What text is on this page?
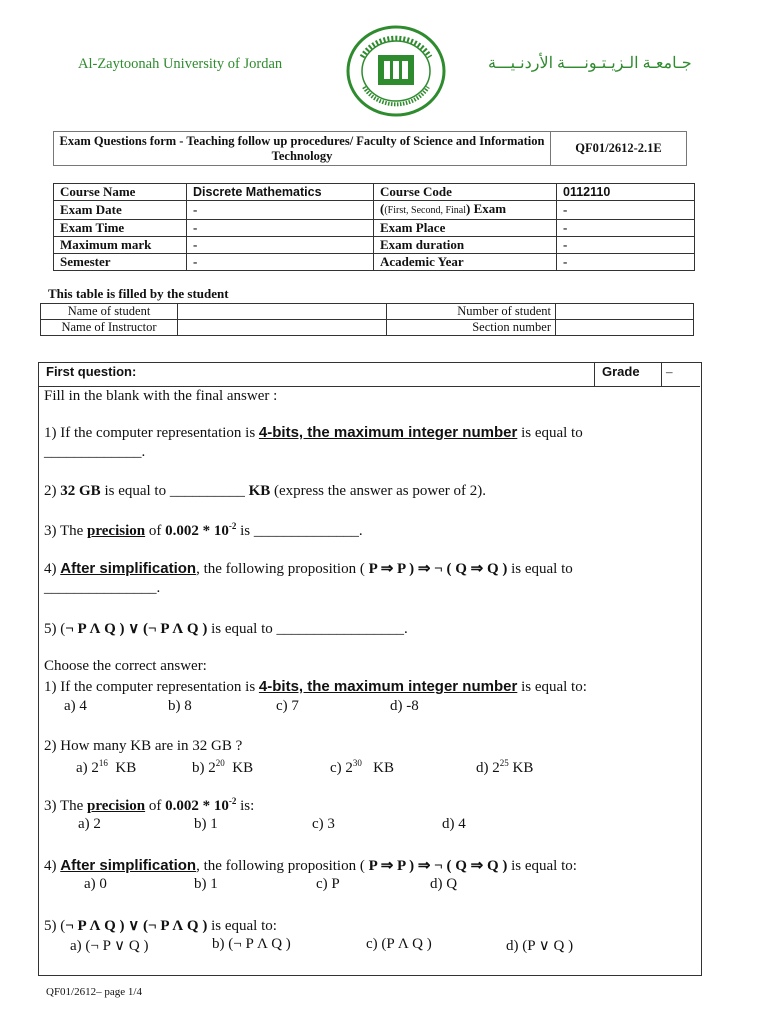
Al-Zaytoonah University of Jordan	جـامعـة الـزيـتـونــــة الأردنـيـــة
Exam Questions form - Teaching follow up procedures/ Faculty of Science and Information Technology	QF01/2612-2.1E
Course Name	Discrete Mathematics	Course Code	0112110
Exam Date	-	((First, Second, Final) Exam	-
Exam Time	-	Exam Place	-
Maximum mark	-	Exam duration	-
Semester	-	Academic Year	-
This table is filled by the student
Name of student		Number of student	
Name of Instructor		Section number	
First question:	Grade –
Fill in the blank with the final answer :
1) If the computer representation is 4-bits, the maximum integer number is equal to
_____________.
2) 32 GB is equal to __________ KB (express the answer as power of 2).
3) The precision of $0.002 * 10^{-2}$ is ______________.
4) After simplification, the following proposition ( P ⇒ P ) ⇒ ¬ ( Q ⇒ Q ) is equal to
_______________.
5) (¬ P Λ Q ) ∨ (¬ P Λ Q ) is equal to _________________.
Choose the correct answer:
1) If the computer representation is 4-bits, the maximum integer number is equal to:
a) 4	b) 8	c) 7	d) -8
2) How many KB are in 32 GB ?
a) $2^{16}$ KB	b) $2^{20}$ KB	c) $2^{30}$ KB	d) $2^{25}$ KB
3) The precision of $0.002 * 10^{-2}$ is:
a) 2	b) 1	c) 3	d) 4
4) After simplification, the following proposition ( P ⇒ P ) ⇒ ¬ ( Q ⇒ Q ) is equal to:
a) 0	b) 1	c) P	d) Q
5) (¬ P Λ Q ) ∨ (¬ P Λ Q ) is equal to:
a) (¬ P ∨ Q )	b) (¬ P Λ Q )	c) (P Λ Q )	d) (P ∨ Q )
QF01/2612– page 1/4
